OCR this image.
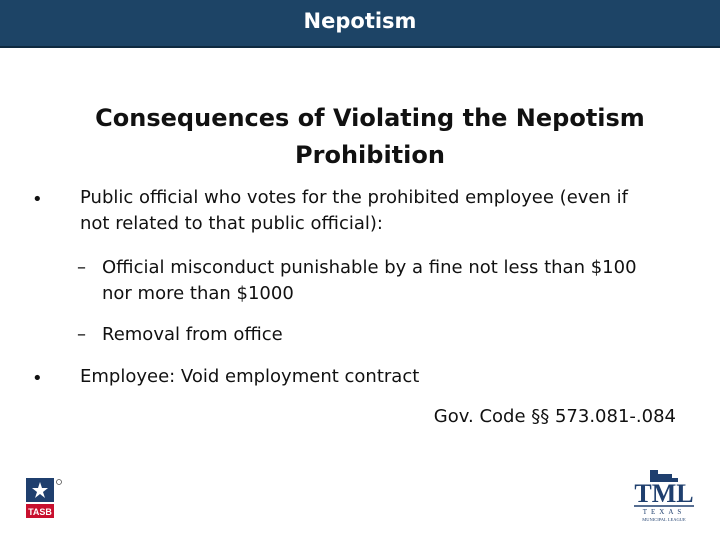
Nepotism
Consequences of Violating the Nepotism
Prohibition
• Public official who votes for the prohibited employee (even if
not related to that public official):
– Official misconduct punishable by a fine not less than $100
nor more than $1000
– Removal from office
• Employee: Void employment contract
Gov. Code §§ 573.081-.084
TASB
TML
TEXAS
MUNICIPAL LEAGUE
